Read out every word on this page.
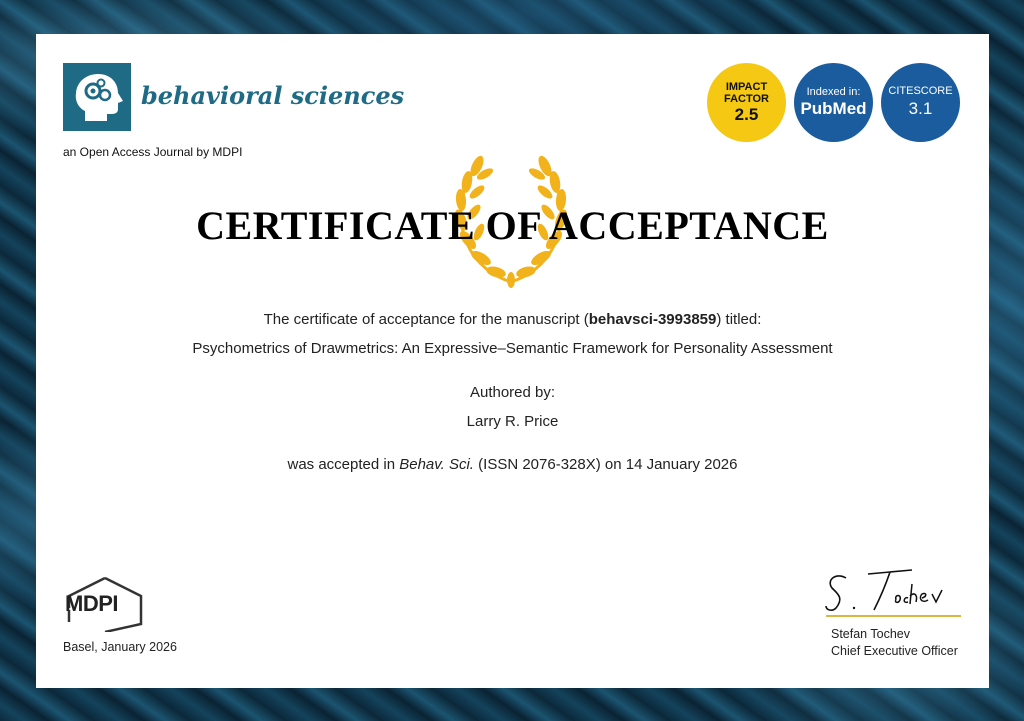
behavioral sciences
an Open Access Journal by MDPI
IMPACT
FACTOR
2.5
Indexed in:
PubMed
CITESCORE
3.1
CERTIFICATE OF ACCEPTANCE
The certificate of acceptance for the manuscript (behavsci-3993859) titled:
Psychometrics of Drawmetrics: An Expressive–Semantic Framework for Personality Assessment
Authored by:
Larry R. Price
was accepted in Behav. Sci. (ISSN 2076-328X) on 14 January 2026
MDPI
Basel, January 2026
Stefan Tochev
Chief Executive Officer
